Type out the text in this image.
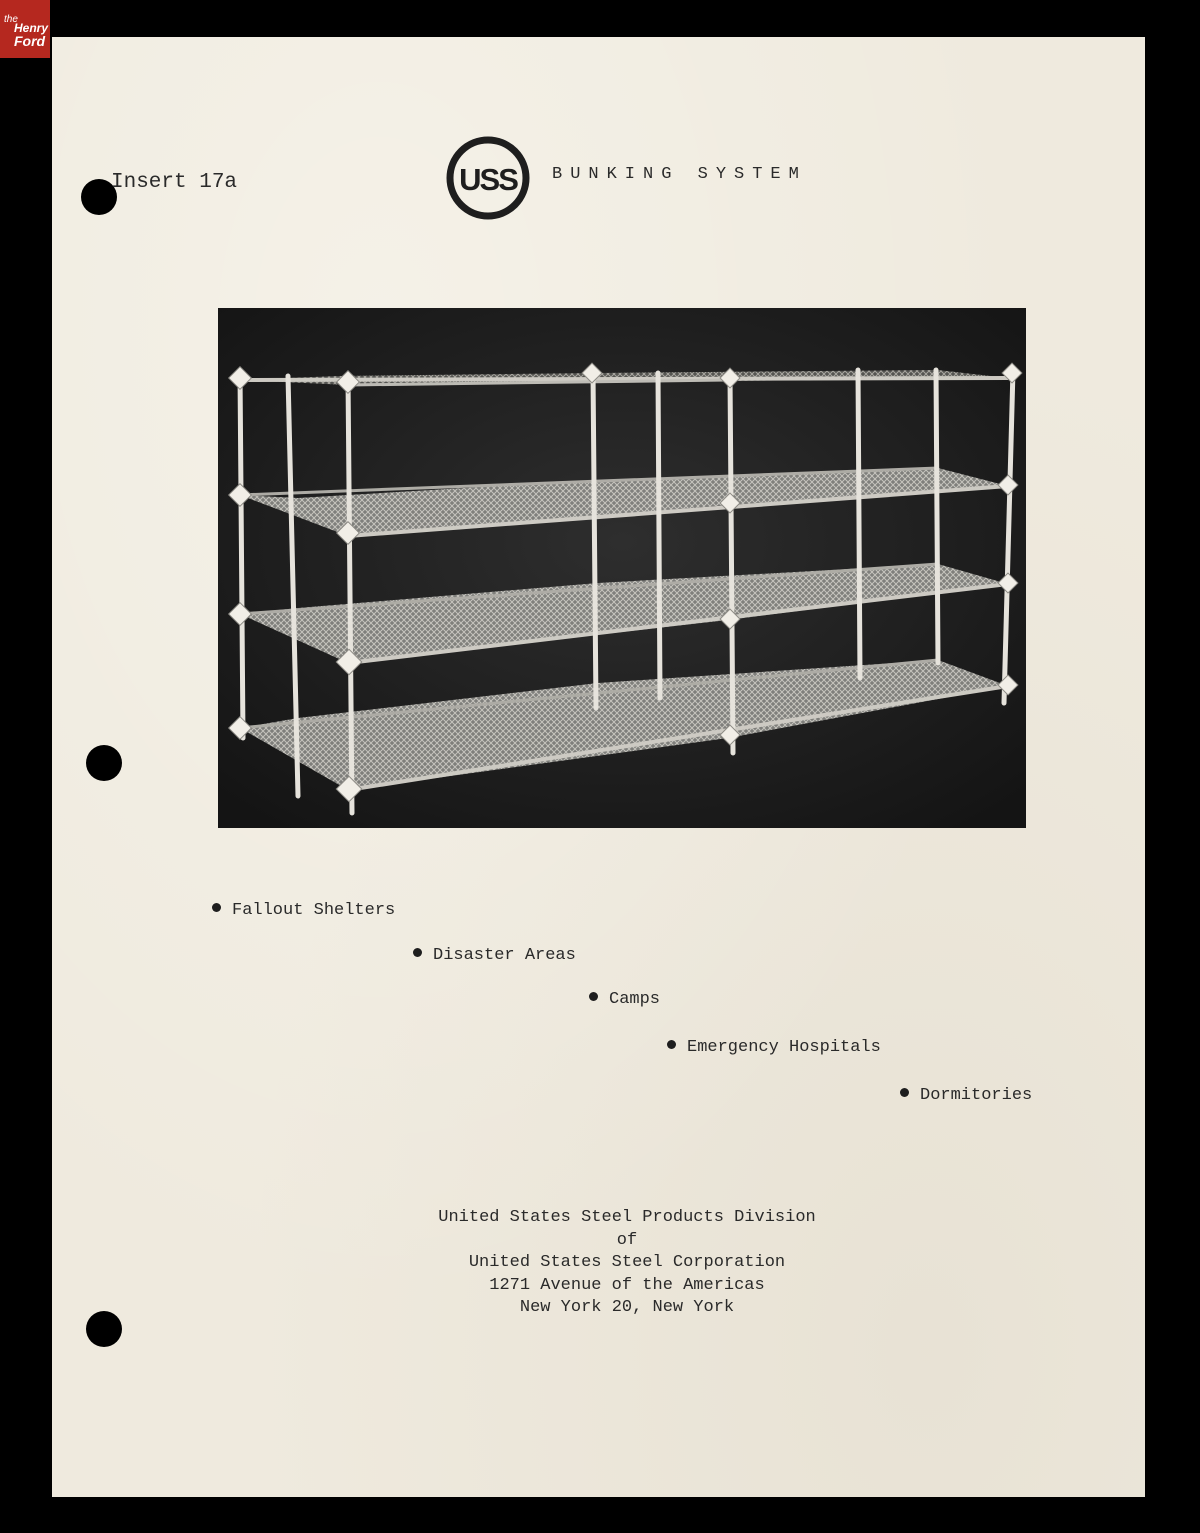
the
Henry
Ford
Insert 17a	USS BUNKING SYSTEM
Fallout Shelters
Disaster Areas
Camps
Emergency Hospitals
Dormitories
United States Steel Products Division
of
United States Steel Corporation
1271 Avenue of the Americas
New York 20, New York
